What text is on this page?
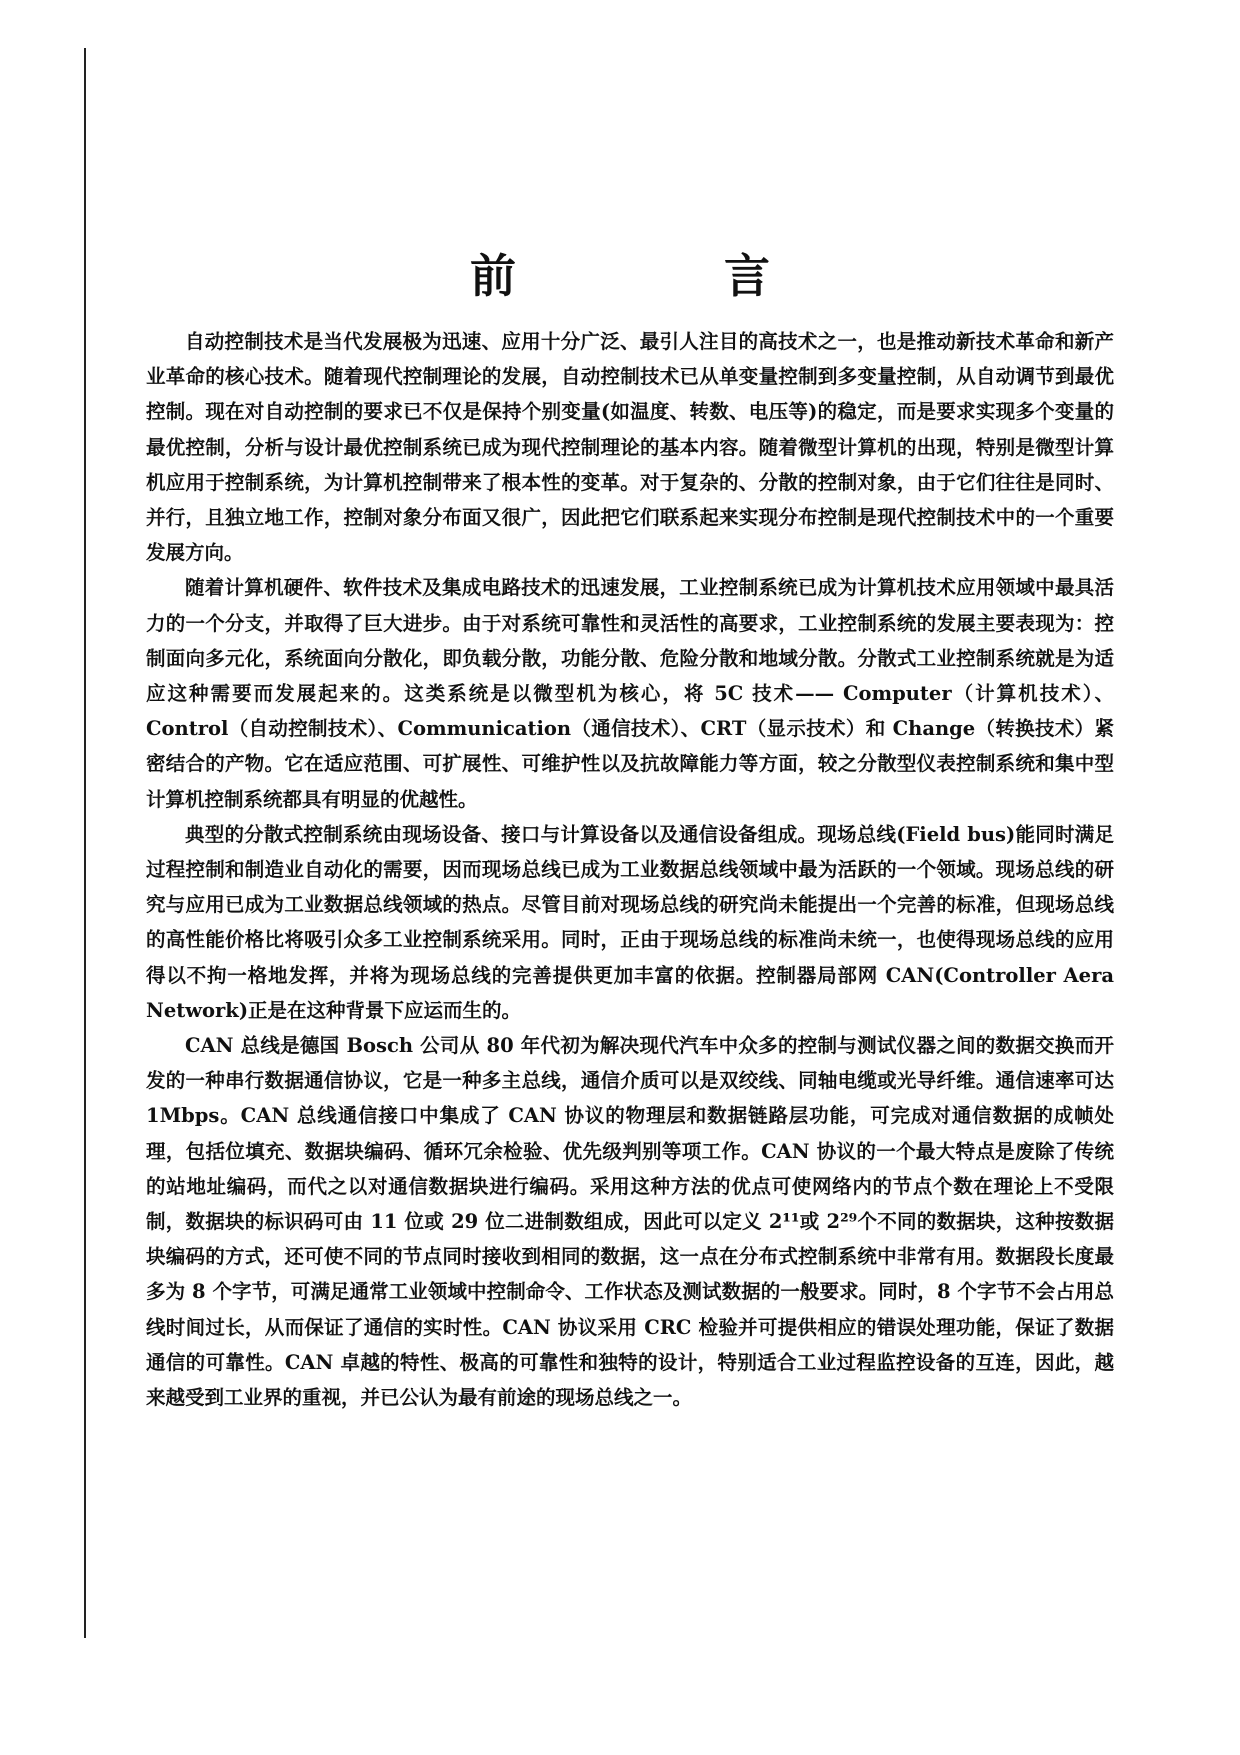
前 言

自动控制技术是当代发展极为迅速、应用十分广泛、最引人注目的高技术之一，也是推动新技术革命和新产业革命的核心技术。随着现代控制理论的发展，自动控制技术已从单变量控制到多变量控制，从自动调节到最优控制。现在对自动控制的要求已不仅是保持个别变量(如温度、转数、电压等)的稳定，而是要求实现多个变量的最优控制，分析与设计最优控制系统已成为现代控制理论的基本内容。随着微型计算机的出现，特别是微型计算机应用于控制系统，为计算机控制带来了根本性的变革。对于复杂的、分散的控制对象，由于它们往往是同时、并行，且独立地工作，控制对象分布面又很广，因此把它们联系起来实现分布控制是现代控制技术中的一个重要发展方向。

随着计算机硬件、软件技术及集成电路技术的迅速发展，工业控制系统已成为计算机技术应用领域中最具活力的一个分支，并取得了巨大进步。由于对系统可靠性和灵活性的高要求，工业控制系统的发展主要表现为：控制面向多元化，系统面向分散化，即负载分散，功能分散、危险分散和地域分散。分散式工业控制系统就是为适应这种需要而发展起来的。这类系统是以微型机为核心，将 5C 技术—— Computer（计算机技术）、Control（自动控制技术）、Communication（通信技术）、CRT（显示技术）和 Change（转换技术）紧密结合的产物。它在适应范围、可扩展性、可维护性以及抗故障能力等方面，较之分散型仪表控制系统和集中型计算机控制系统都具有明显的优越性。

典型的分散式控制系统由现场设备、接口与计算设备以及通信设备组成。现场总线(Field bus)能同时满足过程控制和制造业自动化的需要，因而现场总线已成为工业数据总线领域中最为活跃的一个领域。现场总线的研究与应用已成为工业数据总线领域的热点。尽管目前对现场总线的研究尚未能提出一个完善的标准，但现场总线的高性能价格比将吸引众多工业控制系统采用。同时，正由于现场总线的标准尚未统一，也使得现场总线的应用得以不拘一格地发挥，并将为现场总线的完善提供更加丰富的依据。控制器局部网 CAN(Controller Aera Network)正是在这种背景下应运而生的。

CAN 总线是德国 Bosch 公司从 80 年代初为解决现代汽车中众多的控制与测试仪器之间的数据交换而开发的一种串行数据通信协议，它是一种多主总线，通信介质可以是双绞线、同轴电缆或光导纤维。通信速率可达 1Mbps。CAN 总线通信接口中集成了 CAN 协议的物理层和数据链路层功能，可完成对通信数据的成帧处理，包括位填充、数据块编码、循环冗余检验、优先级判别等项工作。CAN 协议的一个最大特点是废除了传统的站地址编码，而代之以对通信数据块进行编码。采用这种方法的优点可使网络内的节点个数在理论上不受限制，数据块的标识码可由 11 位或 29 位二进制数组成，因此可以定义 2¹¹或 2²⁹个不同的数据块，这种按数据块编码的方式，还可使不同的节点同时接收到相同的数据，这一点在分布式控制系统中非常有用。数据段长度最多为 8 个字节，可满足通常工业领域中控制命令、工作状态及测试数据的一般要求。同时，8 个字节不会占用总线时间过长，从而保证了通信的实时性。CAN 协议采用 CRC 检验并可提供相应的错误处理功能，保证了数据通信的可靠性。CAN 卓越的特性、极高的可靠性和独特的设计，特别适合工业过程监控设备的互连，因此，越来越受到工业界的重视，并已公认为最有前途的现场总线之一。
